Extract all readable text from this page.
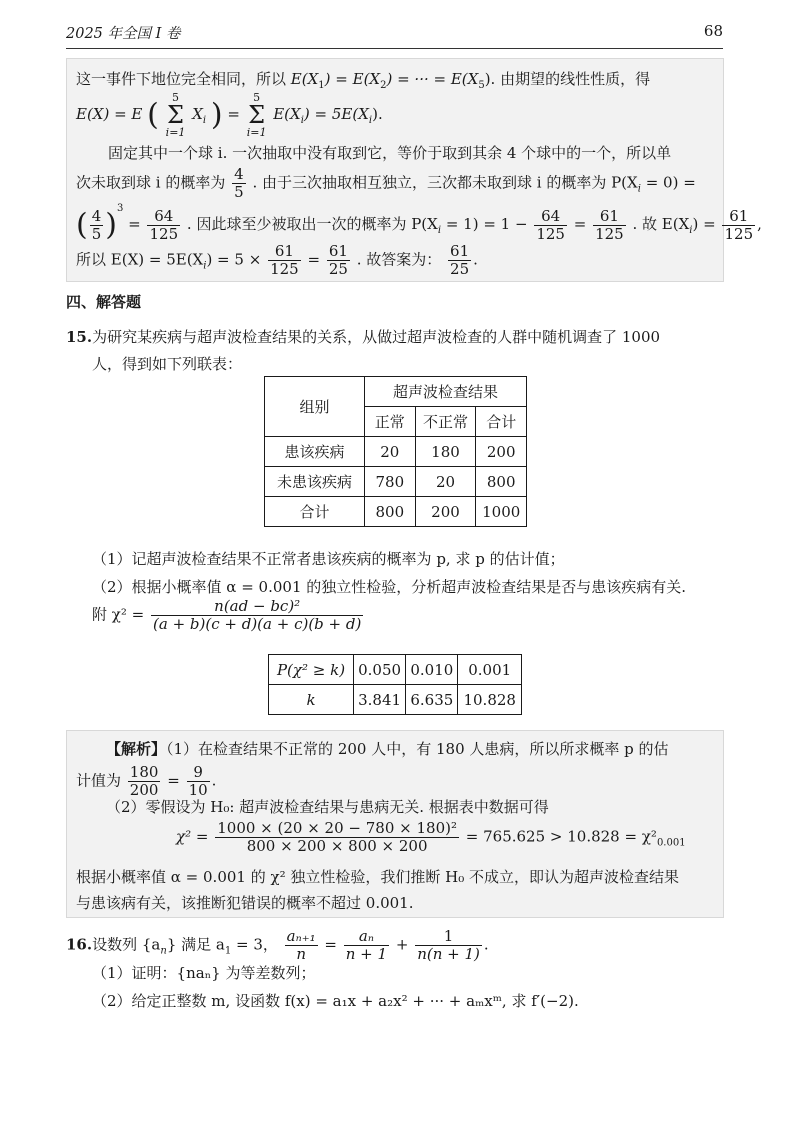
2025 年全国 I 卷	68
这一事件下地位完全相同，所以 $E(X_1) = E(X_2)$ = ··· = $E(X_5)$. 由期望的线性性质，得
E(X) = E ( 5
Σ
i=1 $X_i$ ) = 5
Σ
i=1 $E(X_i) = 5E(X_i)$.
固定其中一个球 i. 一次抽取中没有取到它，等价于取到其余 4 个球中的一个，所以单
次未取到球 i 的概率为 $\frac{4}{5}$ . 由于三次抽取相互独立，三次都未取到球 i 的概率为 $P(X_i = 0)$ =
( $\frac{4}{5} )^3 = \frac{64}{125}$ . 因此球至少被取出一次的概率为 $P(X_i = 1) = 1 - \frac{64}{125} = \frac{61}{125}$ . 故 $E(X_i) = \frac{61}{125}$ ,
所以 $E(X) = 5E(X_i) = 5 \times \frac{61}{125} = \frac{61}{25}$ . 故答案为： $\frac{61}{25}$ .
四、解答题
15.为研究某疾病与超声波检查结果的关系，从做过超声波检查的人群中随机调查了 1000
人，得到如下列联表：
组别	超声波检查结果		
	正常	不正常	合计
患该疾病	20	180	200
未患该疾病	780	20	800
合计	800	200	1000
（1）记超声波检查结果不正常者患该疾病的概率为 p, 求 p 的估计值；
（2）根据小概率值 α = 0.001 的独立性检验，分析超声波检查结果是否与患该疾病有关.
附 $\chi^2 = \frac{\text{n(ad − bc)²}}{(a + b)(c + d)(a + c)(b + d)}$
P(χ² ≥ k)	0.050	0.010	0.001
k	3.841	6.635	10.828
【解析】（1）在检查结果不正常的 200 人中，有 180 人患病，所以所求概率 p 的估
计值为 $\frac{180}{200} = \frac{9}{10}$ .
（2）零假设为 H₀: 超声波检查结果与患病无关. 根据表中数据可得
$\chi^2 = \frac{\text{1000 × (20 × 20 − 780 × 180)²}}{800 \times 200 \times 800 \times 200} = 765.625 > 10.828 = \chi^2_{0.001}$
根据小概率值 α = 0.001 的 χ² 独立性检验，我们推断 H₀ 不成立，即认为超声波检查结果
与患该病有关，该推断犯错误的概率不超过 0.001.
16.设数列 $\{a_n\}$ 满足 $a_1 = 3$， $\frac{\text{aₙ₊₁}}{n} = \frac{\text{aₙ}}{n + 1} + \frac{1}{n(n + 1)}$ .
（1）证明：{naₙ} 为等差数列；
（2）给定正整数 m, 设函数 f(x) = a₁x + a₂x² + ··· + aₘxᵐ, 求 f′(−2).
